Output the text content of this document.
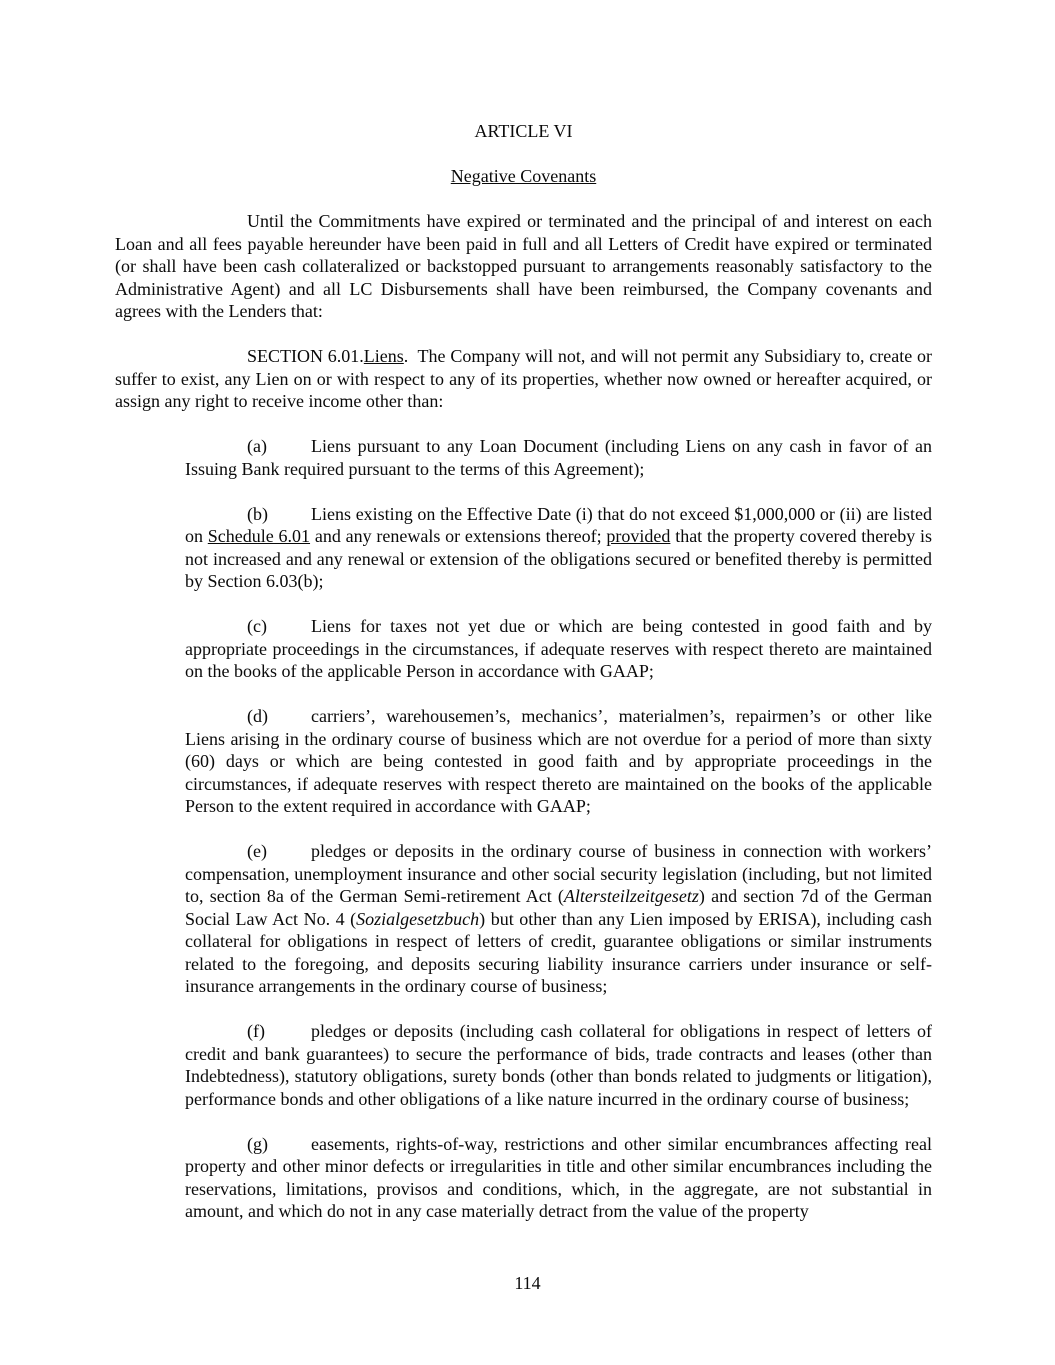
ARTICLE VI
Negative Covenants

Until the Commitments have expired or terminated and the principal of and interest on each Loan and all fees payable hereunder have been paid in full and all Letters of Credit have expired or terminated (or shall have been cash collateralized or backstopped pursuant to arrangements reasonably satisfactory to the Administrative Agent) and all LC Disbursements shall have been reimbursed, the Company covenants and agrees with the Lenders that:

SECTION 6.01.Liens.  The Company will not, and will not permit any Subsidiary to, create or suffer to exist, any Lien on or with respect to any of its properties, whether now owned or hereafter acquired, or assign any right to receive income other than:

(a) Liens pursuant to any Loan Document (including Liens on any cash in favor of an Issuing Bank required pursuant to the terms of this Agreement);

(b) Liens existing on the Effective Date (i) that do not exceed $1,000,000 or (ii) are listed on Schedule 6.01 and any renewals or extensions thereof; provided that the property covered thereby is not increased and any renewal or extension of the obligations secured or benefited thereby is permitted by Section 6.03(b);

(c) Liens for taxes not yet due or which are being contested in good faith and by appropriate proceedings in the circumstances, if adequate reserves with respect thereto are maintained on the books of the applicable Person in accordance with GAAP;

(d) carriers’, warehousemen’s, mechanics’, materialmen’s, repairmen’s or other like Liens arising in the ordinary course of business which are not overdue for a period of more than sixty (60) days or which are being contested in good faith and by appropriate proceedings in the circumstances, if adequate reserves with respect thereto are maintained on the books of the applicable Person to the extent required in accordance with GAAP;

(e) pledges or deposits in the ordinary course of business in connection with workers’ compensation, unemployment insurance and other social security legislation (including, but not limited to, section 8a of the German Semi-retirement Act (Altersteilzeitgesetz) and section 7d of the German Social Law Act No. 4 (Sozialgesetzbuch) but other than any Lien imposed by ERISA), including cash collateral for obligations in respect of letters of credit, guarantee obligations or similar instruments related to the foregoing, and deposits securing liability insurance carriers under insurance or self-insurance arrangements in the ordinary course of business;

(f)	pledges or deposits (including cash collateral for obligations in respect of letters of credit and bank guarantees) to secure the performance of bids, trade contracts and leases (other than Indebtedness), statutory obligations, surety bonds (other than bonds related to judgments or litigation), performance bonds and other obligations of a like nature incurred in the ordinary course of business;

(g) easements, rights-of-way, restrictions and other similar encumbrances affecting real property and other minor defects or irregularities in title and other similar encumbrances including the reservations, limitations, provisos and conditions, which, in the aggregate, are not substantial in amount, and which do not in any case materially detract from the value of the property

114
